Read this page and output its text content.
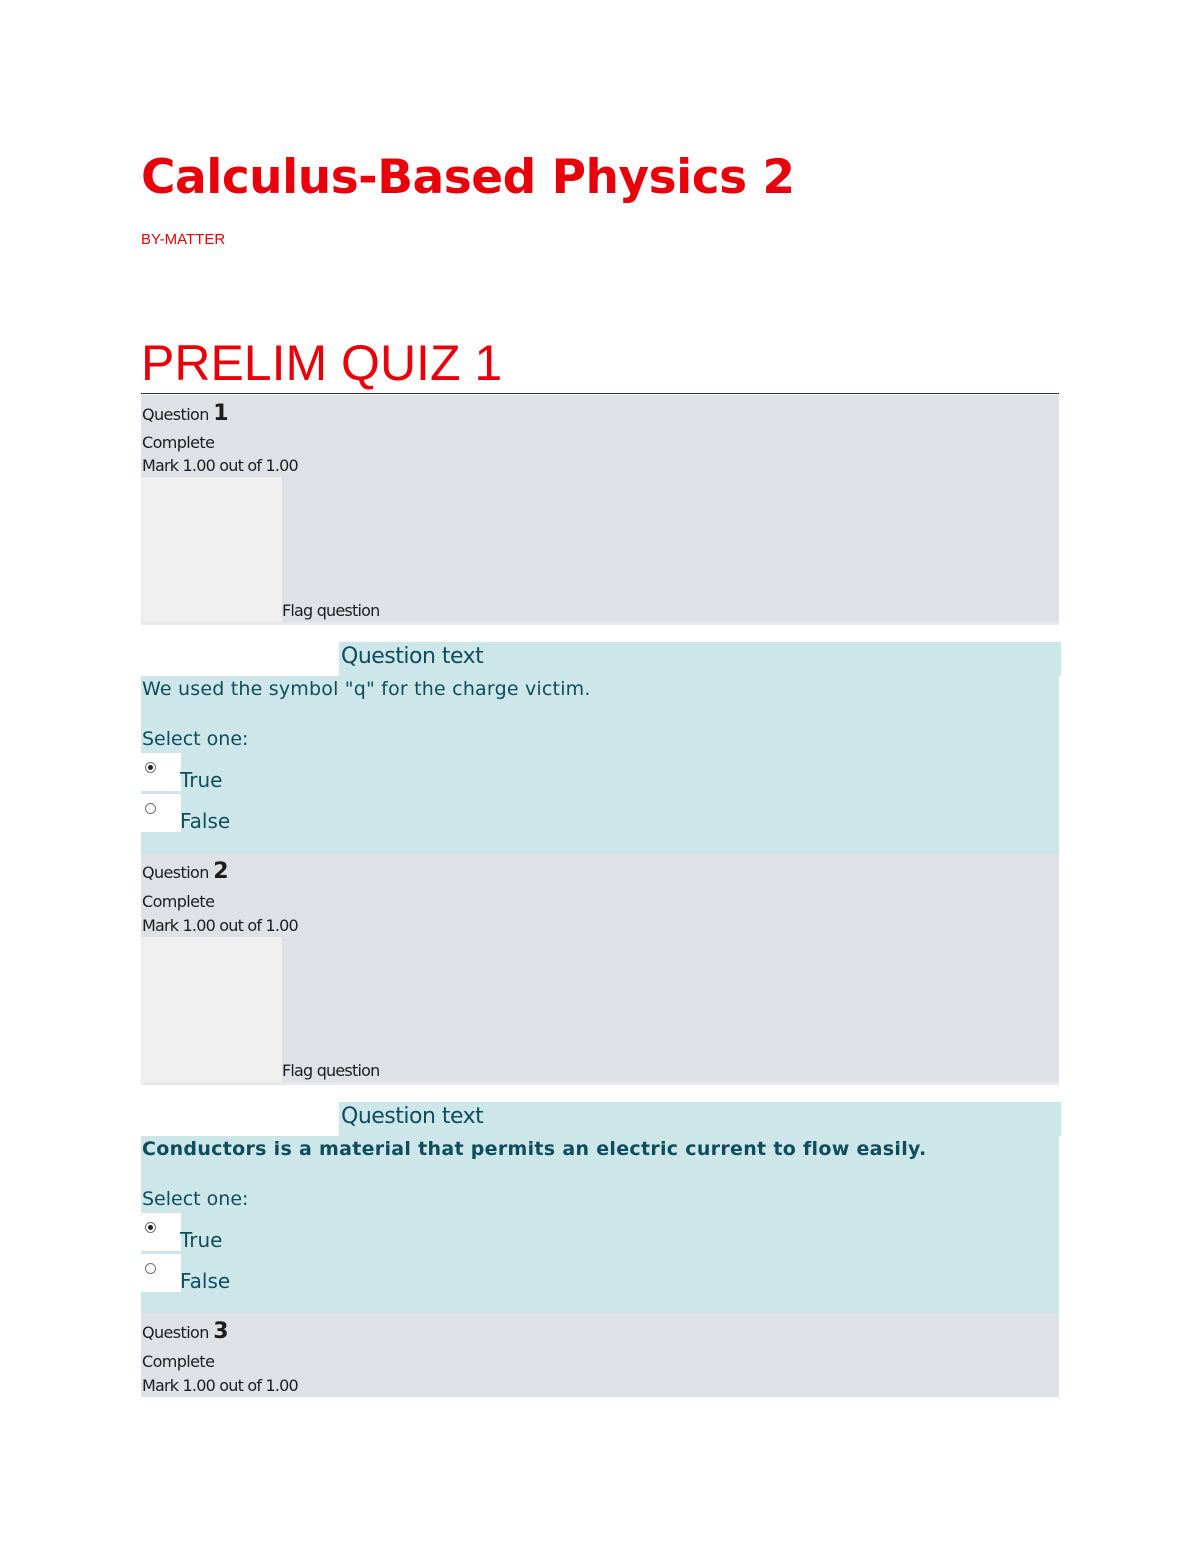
Calculus-Based Physics 2
BY-MATTER
PRELIM QUIZ 1
Question 1
Complete
Mark 1.00 out of 1.00
Flag question
Question text
We used the symbol "q" for the charge victim.
Select one:
True
False
Question 2
Complete
Mark 1.00 out of 1.00
Flag question
Question text
Conductors is a material that permits an electric current to flow easily.
Select one:
True
False
Question 3
Complete
Mark 1.00 out of 1.00
